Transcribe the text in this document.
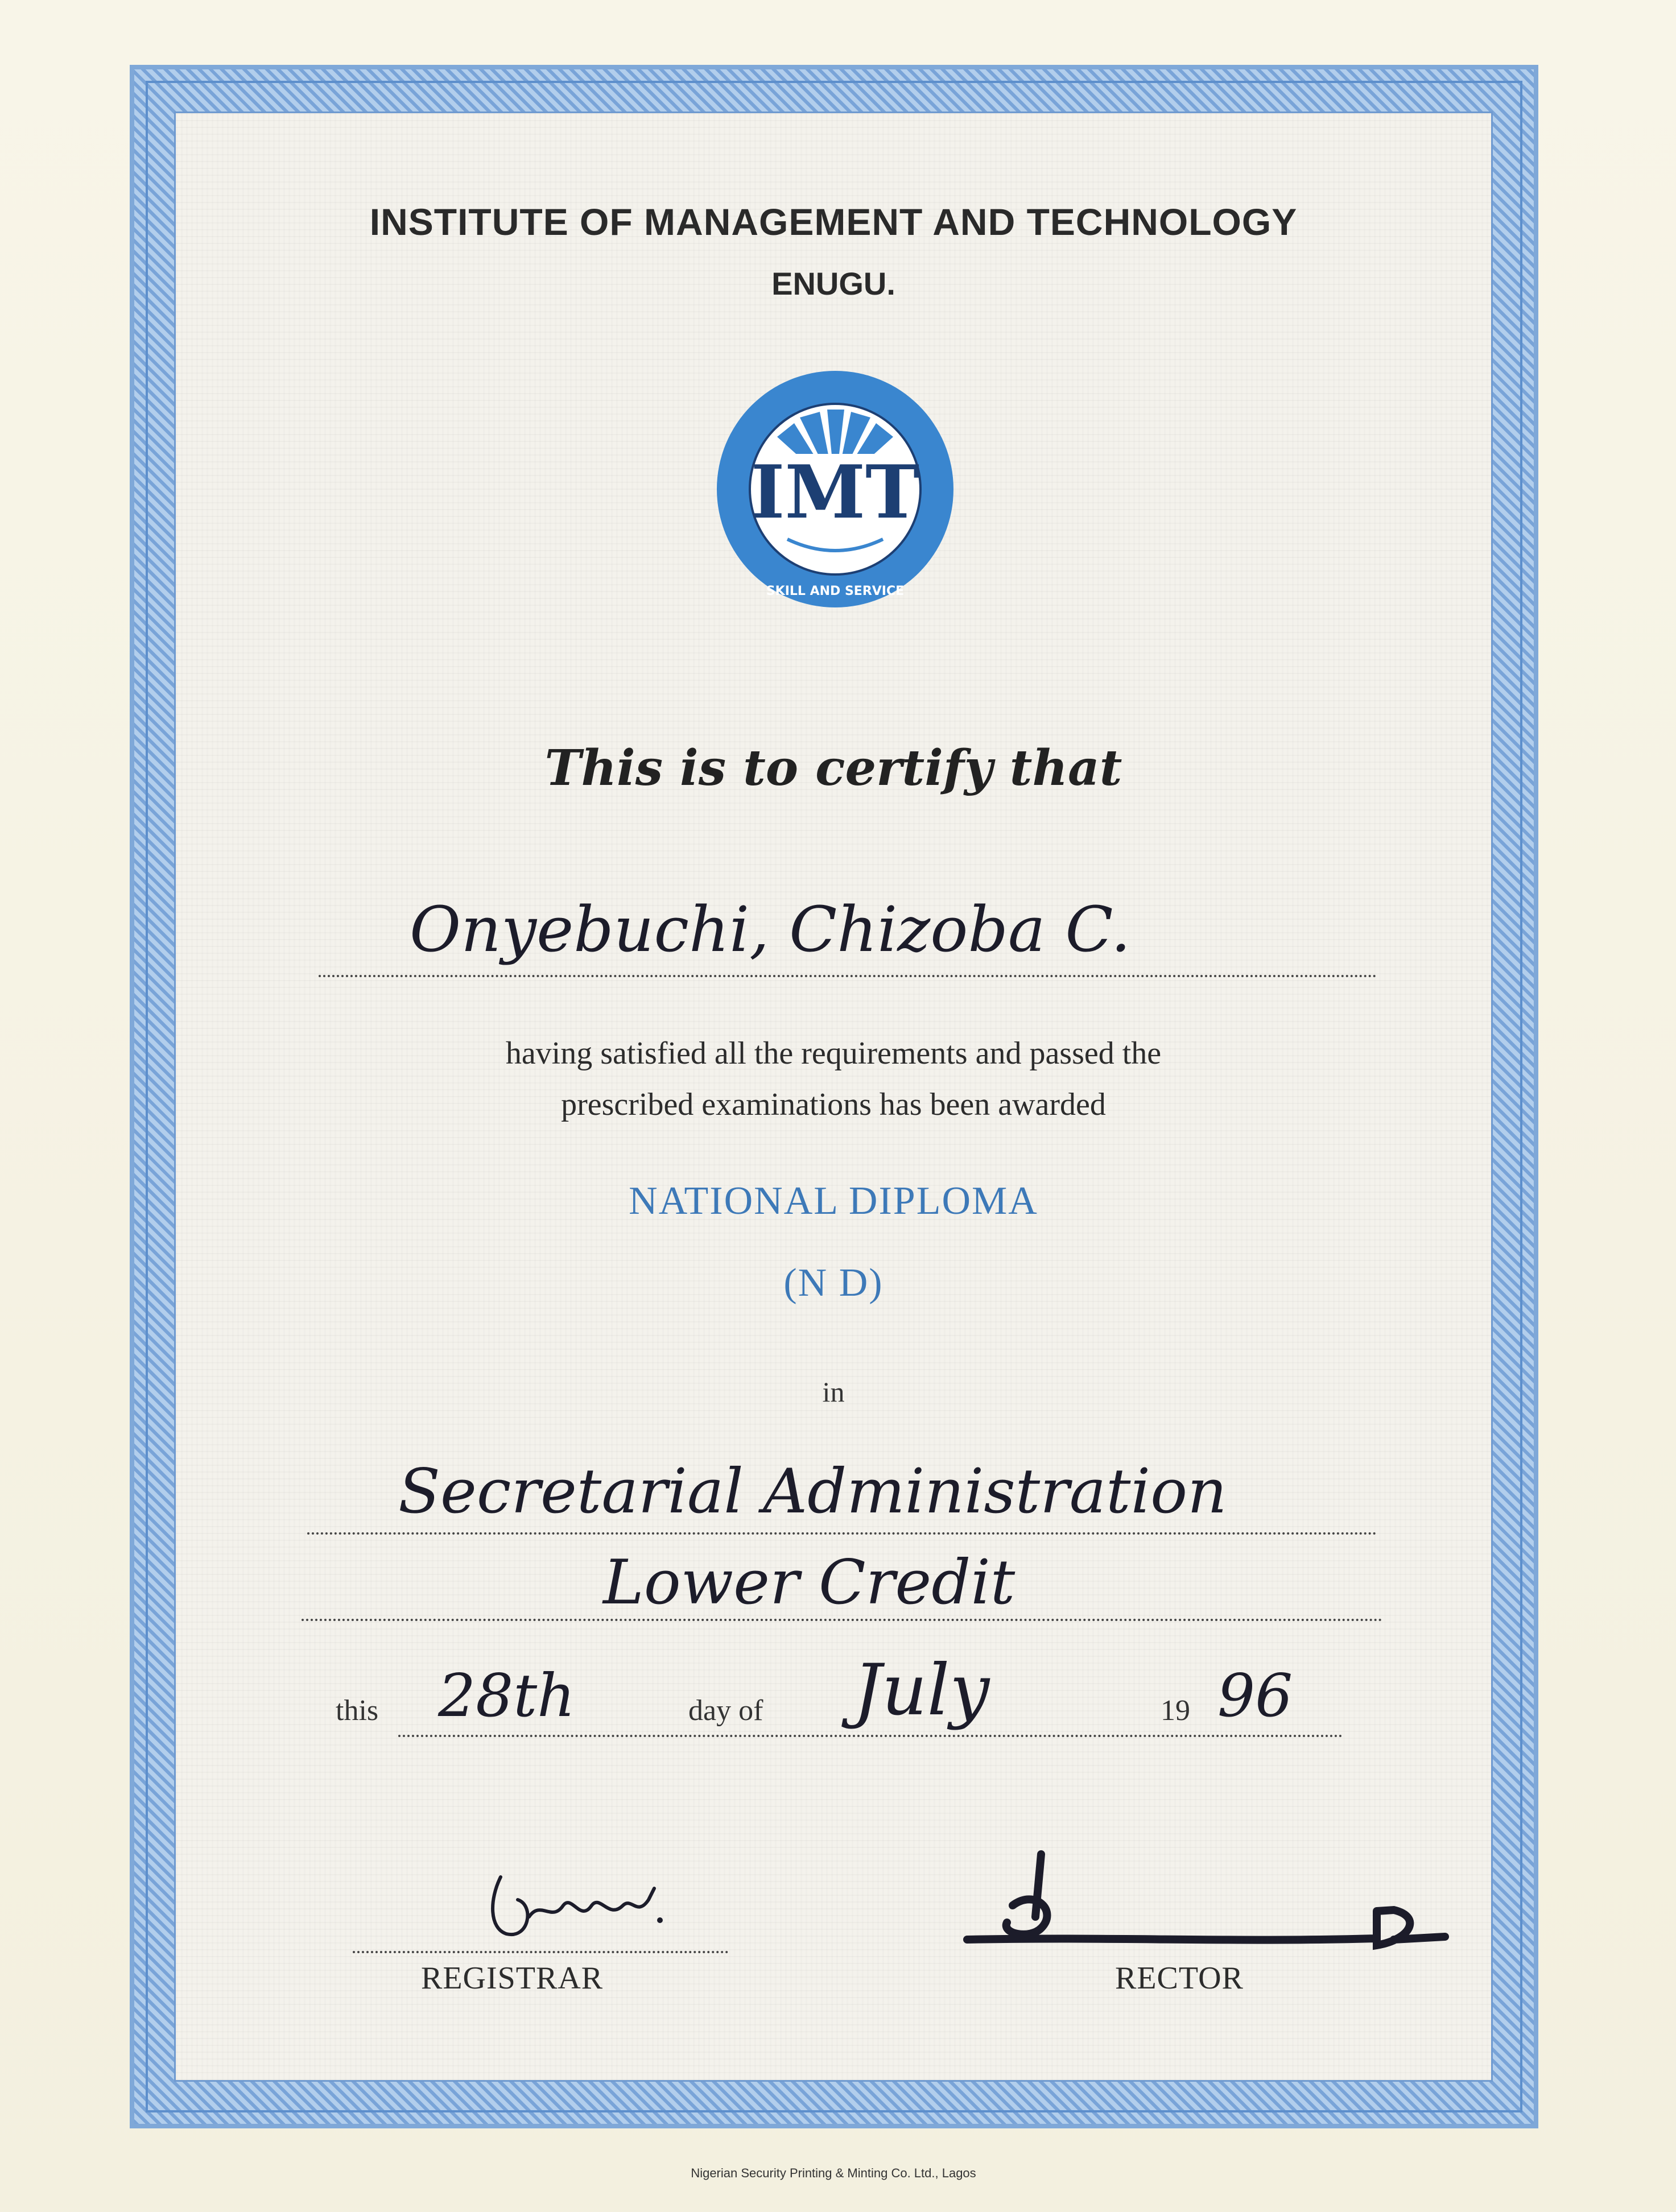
INSTITUTE OF MANAGEMENT AND TECHNOLOGY
ENUGU.
IMT
SKILL AND SERVICE
This is to certify that

Onyebuchi, Chizoba C.

having satisfied all the requirements and passed the

prescribed examinations has been awarded

NATIONAL DIPLOMA

(N D)

in

Secretarial Administration

Lower Credit

this 28th	day of July	19 96

REGISTRAR	RECTOR

Nigerian Security Printing & Minting Co. Ltd., Lagos
